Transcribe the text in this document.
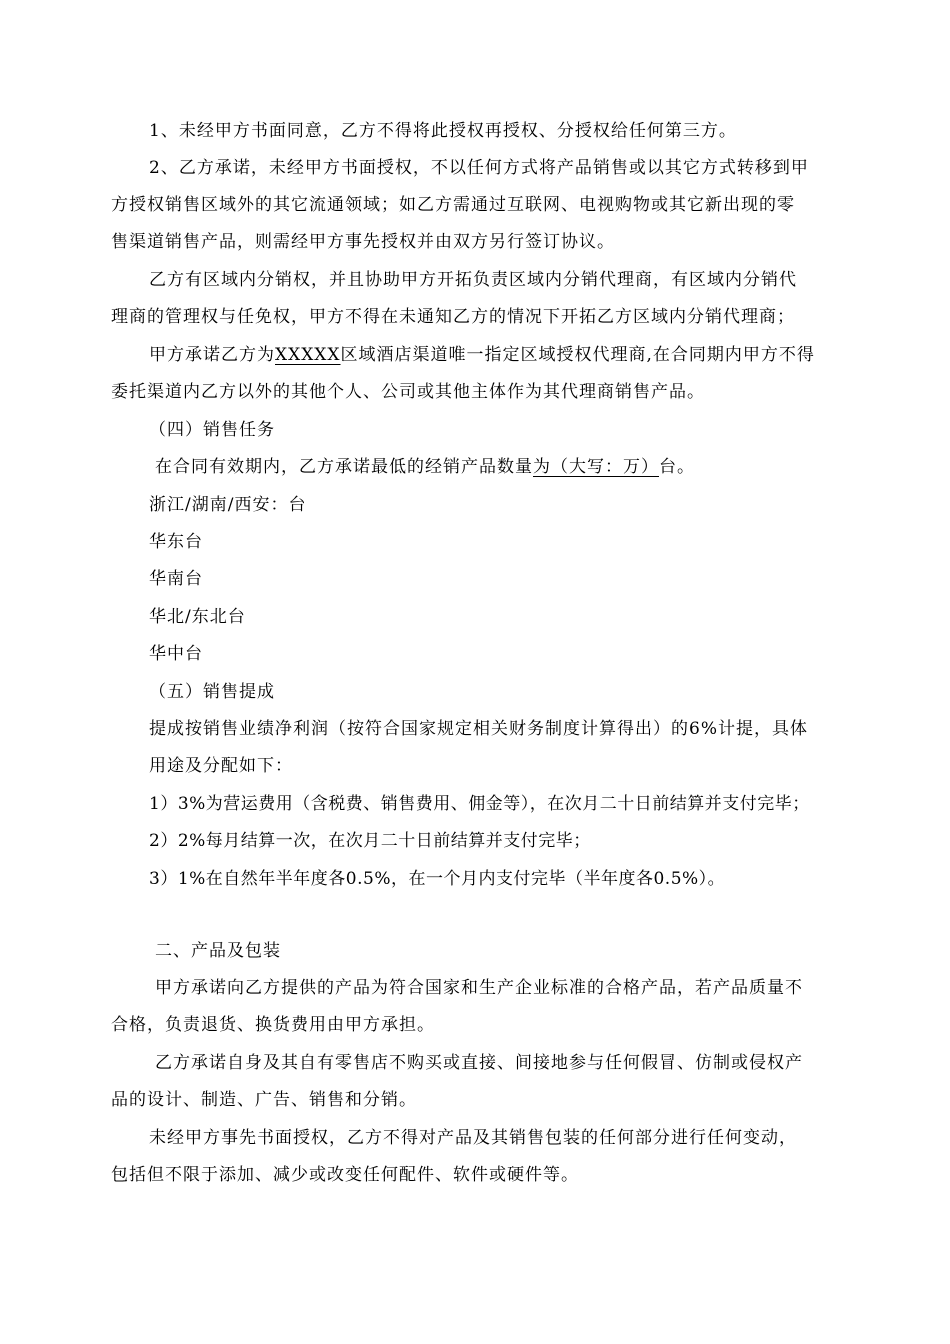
1、未经甲方书面同意，乙方不得将此授权再授权、分授权给任何第三方。
2、乙方承诺，未经甲方书面授权，不以任何方式将产品销售或以其它方式转移到甲
方授权销售区域外的其它流通领域；如乙方需通过互联网、电视购物或其它新出现的零
售渠道销售产品，则需经甲方事先授权并由双方另行签订协议。
乙方有区域内分销权，并且协助甲方开拓负责区域内分销代理商，有区域内分销代
理商的管理权与任免权，甲方不得在未通知乙方的情况下开拓乙方区域内分销代理商；
甲方承诺乙方为XXXXX区域酒店渠道唯一指定区域授权代理商,在合同期内甲方不得
委托渠道内乙方以外的其他个人、公司或其他主体作为其代理商销售产品。
（四）销售任务
在合同有效期内，乙方承诺最低的经销产品数量为（大写：万）台。
浙江/湖南/西安：台
华东台
华南台
华北/东北台
华中台
（五）销售提成
提成按销售业绩净利润（按符合国家规定相关财务制度计算得出）的6%计提，具体
用途及分配如下：
1）3%为营运费用（含税费、销售费用、佣金等），在次月二十日前结算并支付完毕；
2）2%每月结算一次，在次月二十日前结算并支付完毕；
3）1%在自然年半年度各0.5%，在一个月内支付完毕（半年度各0.5%）。
二、产品及包装
甲方承诺向乙方提供的产品为符合国家和生产企业标准的合格产品，若产品质量不
合格，负责退货、换货费用由甲方承担。
乙方承诺自身及其自有零售店不购买或直接、间接地参与任何假冒、仿制或侵权产
品的设计、制造、广告、销售和分销。
未经甲方事先书面授权，乙方不得对产品及其销售包装的任何部分进行任何变动，
包括但不限于添加、减少或改变任何配件、软件或硬件等。
